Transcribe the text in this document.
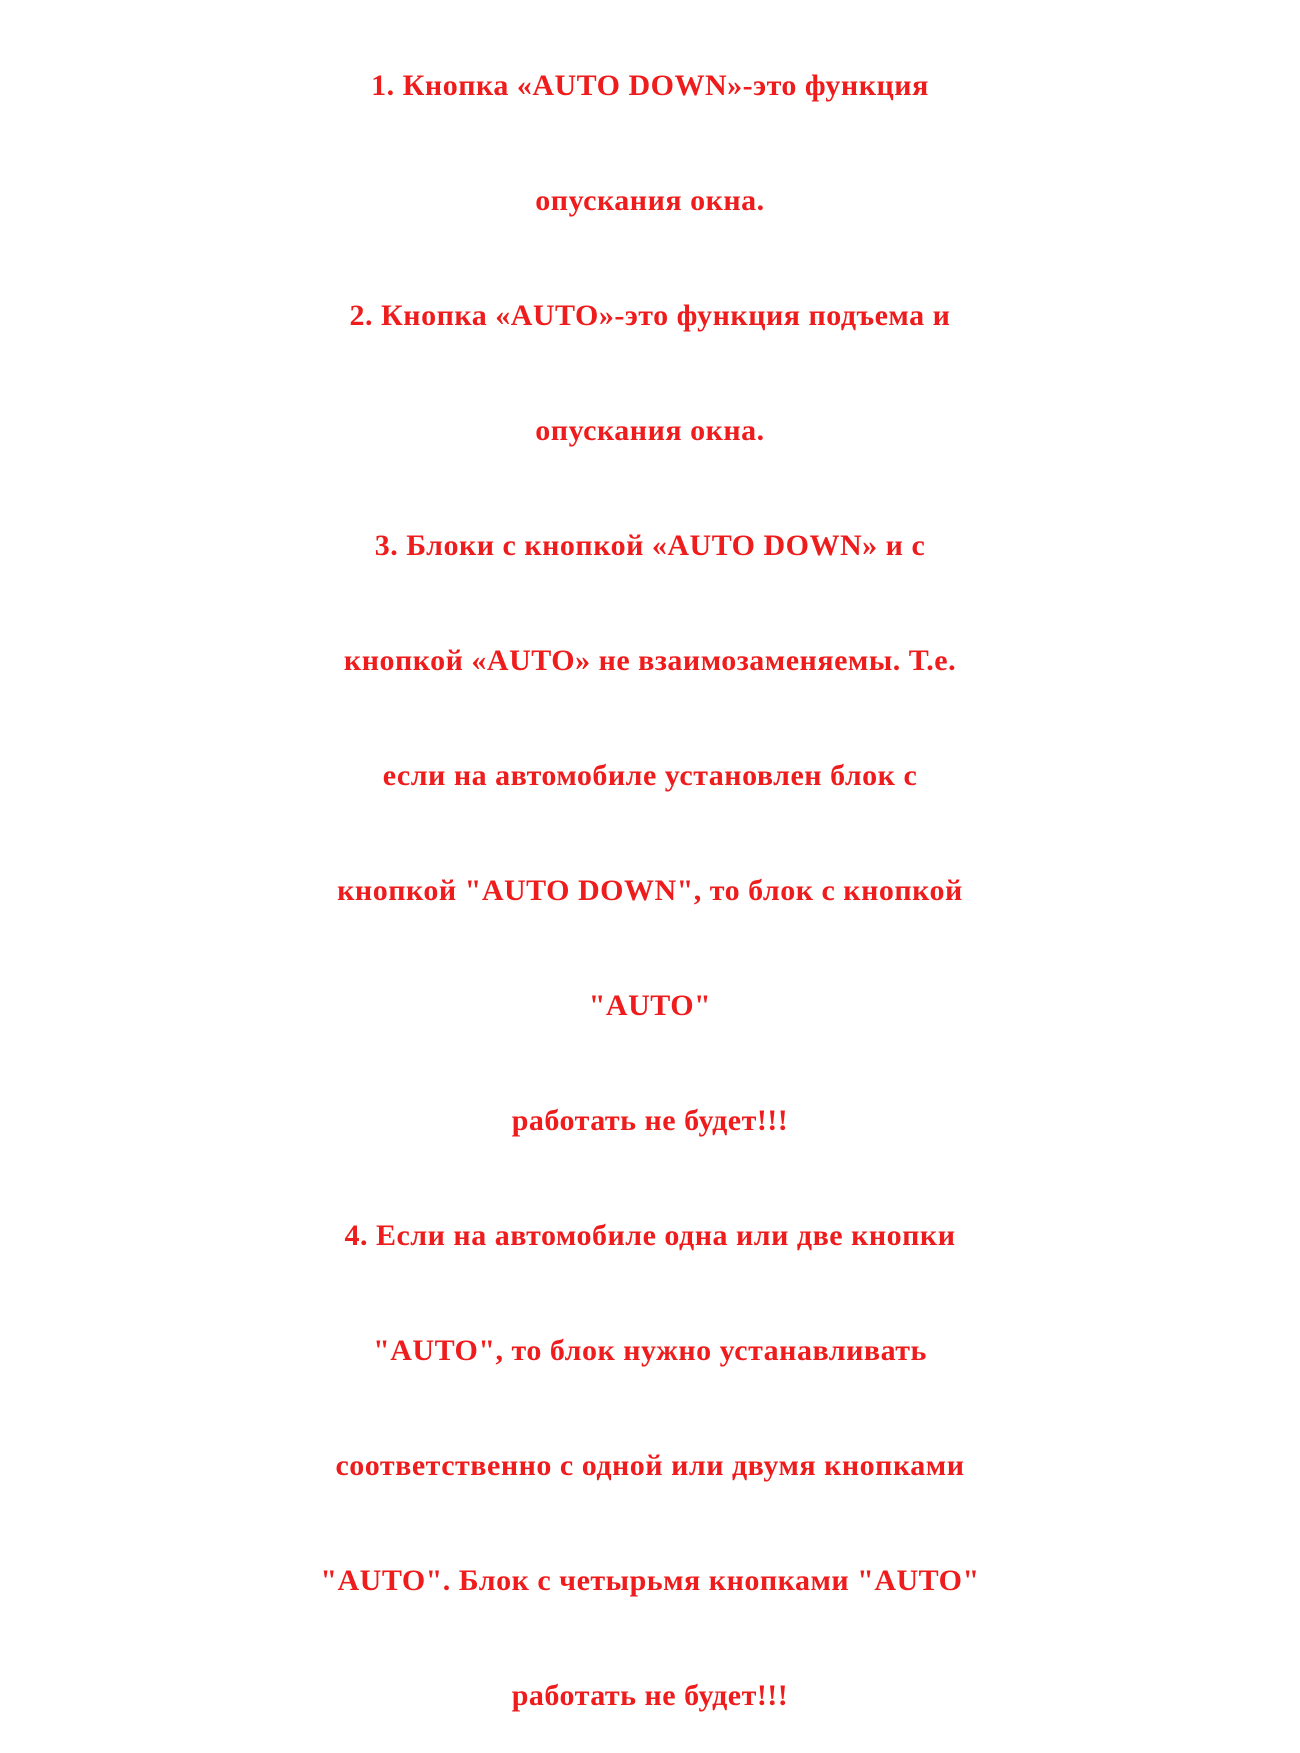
1. Кнопка «AUTO DOWN»-это функция
опускания окна.
2. Кнопка «AUTO»-это функция подъема и
опускания окна.
3. Блоки с кнопкой «AUTO DOWN» и с
кнопкой «AUTO» не взаимозаменяемы. Т.е.
если на автомобиле установлен блок с
кнопкой "AUTO DOWN", то блок с кнопкой
"AUTO"
работать не будет!!!
4. Если на автомобиле одна или две кнопки
"AUTO", то блок нужно устанавливать
соответственно с одной или двумя кнопками
"AUTO". Блок с четырьмя кнопками "AUTO"
работать не будет!!!
